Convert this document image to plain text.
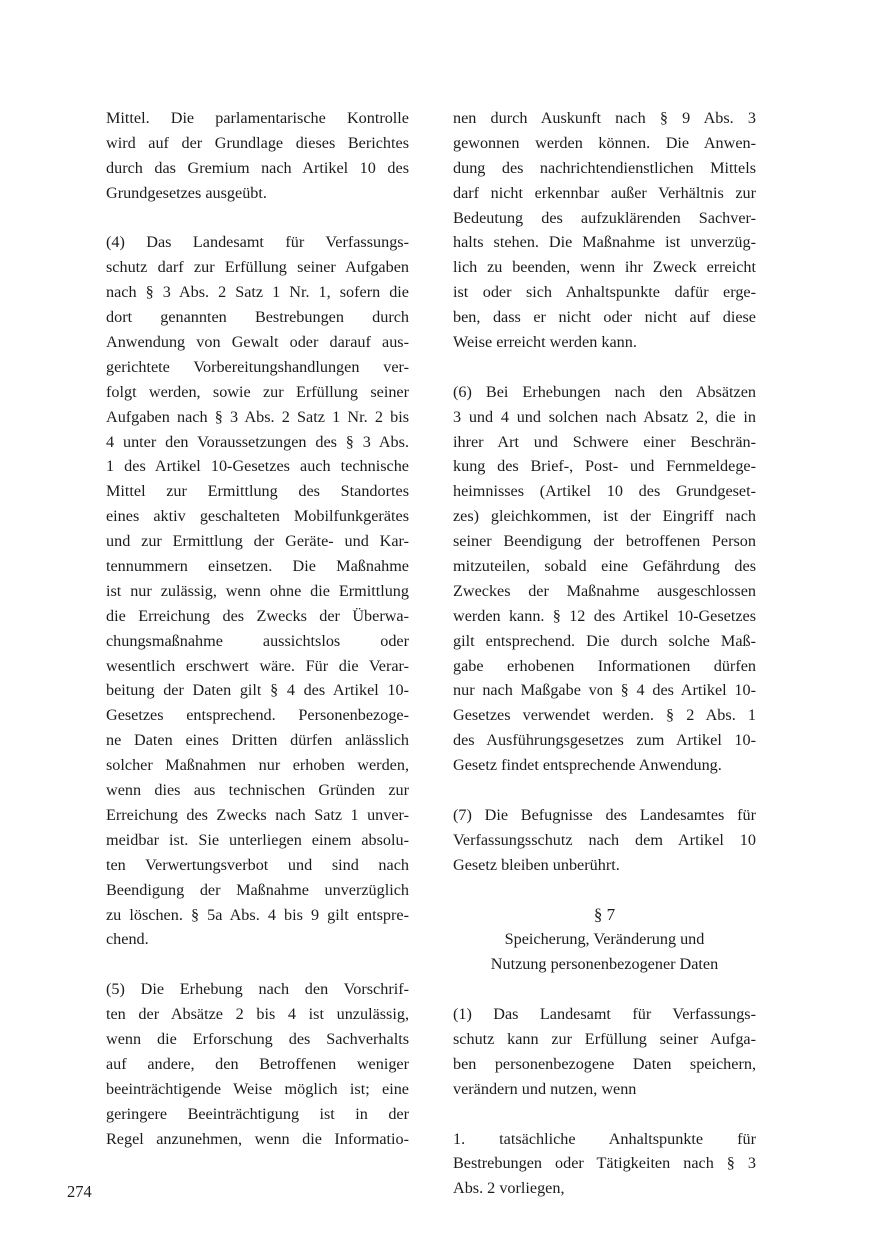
Mittel. Die parlamentarische Kontrolle
wird auf der Grundlage dieses Berichtes
durch das Gremium nach Artikel 10 des
Grundgesetzes ausgeübt.
(4) Das Landesamt für Verfassungs-
schutz darf zur Erfüllung seiner Aufgaben
nach § 3 Abs. 2 Satz 1 Nr. 1, sofern die
dort genannten Bestrebungen durch
Anwendung von Gewalt oder darauf aus-
gerichtete Vorbereitungshandlungen ver-
folgt werden, sowie zur Erfüllung seiner
Aufgaben nach § 3 Abs. 2 Satz 1 Nr. 2 bis
4 unter den Voraussetzungen des § 3 Abs.
1 des Artikel 10-Gesetzes auch technische
Mittel zur Ermittlung des Standortes
eines aktiv geschalteten Mobilfunkgerätes
und zur Ermittlung der Geräte- und Kar-
tennummern einsetzen. Die Maßnahme
ist nur zulässig, wenn ohne die Ermittlung
die Erreichung des Zwecks der Überwa-
chungsmaßnahme aussichtslos oder
wesentlich erschwert wäre. Für die Verar-
beitung der Daten gilt § 4 des Artikel 10-
Gesetzes entsprechend. Personenbezoge-
ne Daten eines Dritten dürfen anlässlich
solcher Maßnahmen nur erhoben werden,
wenn dies aus technischen Gründen zur
Erreichung des Zwecks nach Satz 1 unver-
meidbar ist. Sie unterliegen einem absolu-
ten Verwertungsverbot und sind nach
Beendigung der Maßnahme unverzüglich
zu löschen. § 5a Abs. 4 bis 9 gilt entspre-
chend.
(5) Die Erhebung nach den Vorschrif-
ten der Absätze 2 bis 4 ist unzulässig,
wenn die Erforschung des Sachverhalts
auf andere, den Betroffenen weniger
beeinträchtigende Weise möglich ist; eine
geringere Beeinträchtigung ist in der
Regel anzunehmen, wenn die Informatio-
nen durch Auskunft nach § 9 Abs. 3
gewonnen werden können. Die Anwen-
dung des nachrichtendienstlichen Mittels
darf nicht erkennbar außer Verhältnis zur
Bedeutung des aufzuklärenden Sachver-
halts stehen. Die Maßnahme ist unverzüg-
lich zu beenden, wenn ihr Zweck erreicht
ist oder sich Anhaltspunkte dafür erge-
ben, dass er nicht oder nicht auf diese
Weise erreicht werden kann.
(6) Bei Erhebungen nach den Absätzen
3 und 4 und solchen nach Absatz 2, die in
ihrer Art und Schwere einer Beschrän-
kung des Brief-, Post- und Fernmeldege-
heimnisses (Artikel 10 des Grundgeset-
zes) gleichkommen, ist der Eingriff nach
seiner Beendigung der betroffenen Person
mitzuteilen, sobald eine Gefährdung des
Zweckes der Maßnahme ausgeschlossen
werden kann. § 12 des Artikel 10-Gesetzes
gilt entsprechend. Die durch solche Maß-
gabe erhobenen Informationen dürfen
nur nach Maßgabe von § 4 des Artikel 10-
Gesetzes verwendet werden. § 2 Abs. 1
des Ausführungsgesetzes zum Artikel 10-
Gesetz findet entsprechende Anwendung.
(7) Die Befugnisse des Landesamtes für
Verfassungsschutz nach dem Artikel 10
Gesetz bleiben unberührt.
§ 7
Speicherung, Veränderung und
Nutzung personenbezogener Daten
(1) Das Landesamt für Verfassungs-
schutz kann zur Erfüllung seiner Aufga-
ben personenbezogene Daten speichern,
verändern und nutzen, wenn
1. tatsächliche Anhaltspunkte für
Bestrebungen oder Tätigkeiten nach § 3
Abs. 2 vorliegen,
274
